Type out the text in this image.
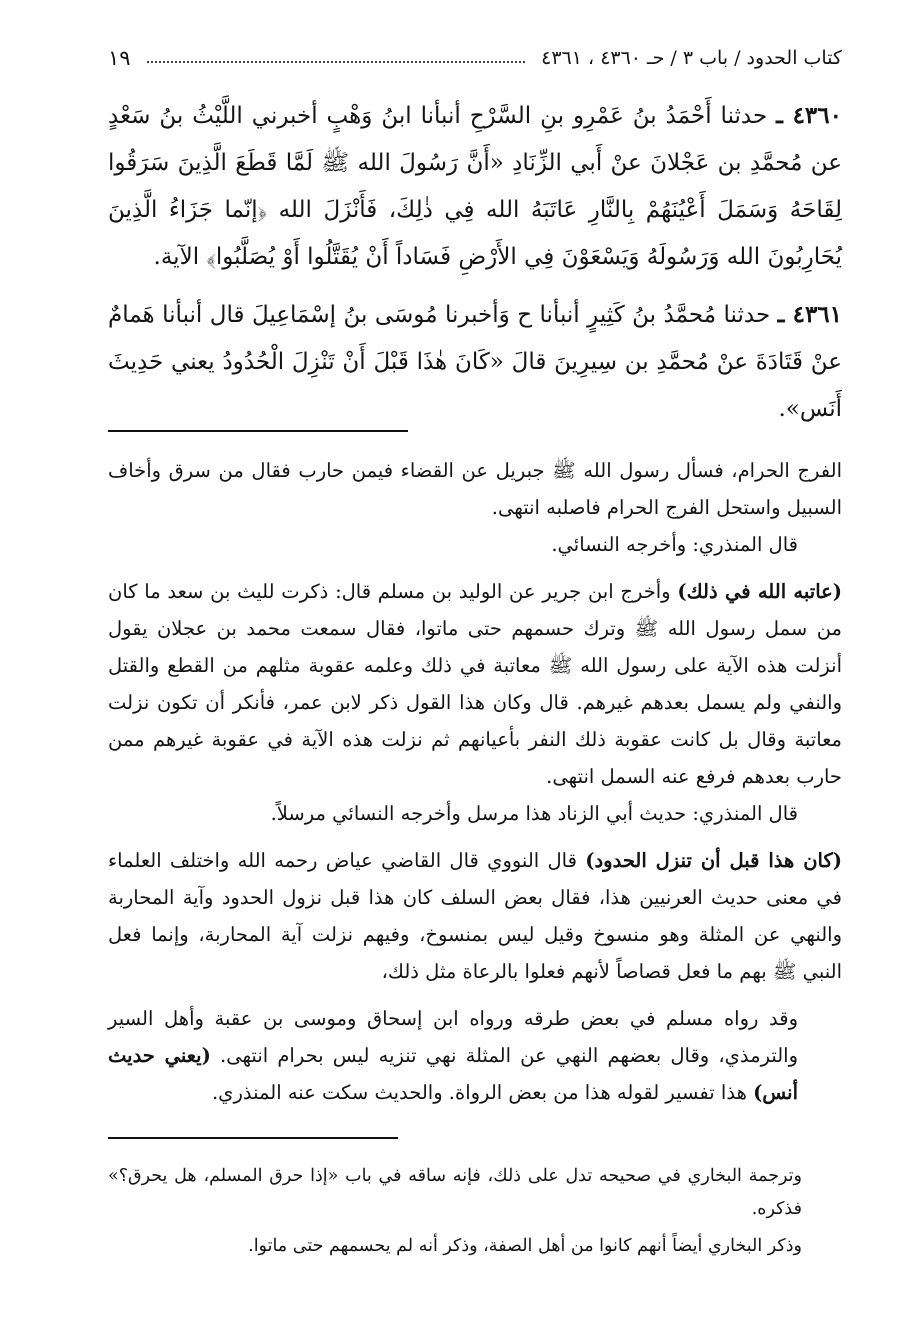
كتاب الحدود / باب ٣ / حـ ٤٣٦٠ ، ٤٣٦١
١٩

٤٣٦٠ ـ حدثنا أَحْمَدُ بنُ عَمْرِو بنِ السَّرْحِ أنبأنا ابنُ وَهْبٍ أخبرني اللَّيْثُ بنُ سَعْدٍ عن مُحمَّدِ بن عَجْلانَ عنْ أَبي الزِّنَادِ «أَنَّ رَسُولَ الله ﷺ لَمَّا قَطَعَ الَّذِينَ سَرَقُوا لِقَاحَهُ وَسَمَلَ أَعْيُنَهُمْ بِالنَّارِ عَاتَبَهُ الله فِي ذٰلِكَ، فَأَنْزَلَ الله ﴿إنّما جَزَاءُ الَّذِينَ يُحَارِبُونَ الله وَرَسُولَهُ وَيَسْعَوْنَ فِي الأَرْضِ فَسَاداً أَنْ يُقَتَّلُوا أَوْ يُصَلَّبُوا﴾ الآية.

٤٣٦١ ـ حدثنا مُحمَّدُ بنُ كَثِيرٍ أنبأنا ح وَأخبرنا مُوسَى بنُ إسْمَاعِيلَ قال أنبأنا هَمامٌ عنْ قَتَادَةَ عنْ مُحمَّدِ بن سِيرِينَ قالَ «كَانَ هٰذَا قَبْلَ أَنْ تَنْزِلَ الْحُدُودُ يعني حَدِيثَ أَنَس».

الفرج الحرام، فسأل رسول الله ﷺ جبريل عن القضاء فيمن حارب فقال من سرق وأخاف السبيل واستحل الفرج الحرام فاصلبه انتهى.

قال المنذري: وأخرجه النسائي.

(عاتبه الله في ذلك) وأخرج ابن جرير عن الوليد بن مسلم قال: ذكرت لليث بن سعد ما كان من سمل رسول الله ﷺ وترك حسمهم حتى ماتوا، فقال سمعت محمد بن عجلان يقول أنزلت هذه الآية على رسول الله ﷺ معاتبة في ذلك وعلمه عقوبة مثلهم من القطع والقتل والنفي ولم يسمل بعدهم غيرهم. قال وكان هذا القول ذكر لابن عمر، فأنكر أن تكون نزلت معاتبة وقال بل كانت عقوبة ذلك النفر بأعيانهم ثم نزلت هذه الآية في عقوبة غيرهم ممن حارب بعدهم فرفع عنه السمل انتهى.

قال المنذري: حديث أبي الزناد هذا مرسل وأخرجه النسائي مرسلاً.

(كان هذا قبل أن تنزل الحدود) قال النووي قال القاضي عياض رحمه الله واختلف العلماء في معنى حديث العرنيين هذا، فقال بعض السلف كان هذا قبل نزول الحدود وآية المحاربة والنهي عن المثلة وهو منسوخ وقيل ليس بمنسوخ، وفيهم نزلت آية المحاربة، وإنما فعل النبي ﷺ بهم ما فعل قصاصاً لأنهم فعلوا بالرعاة مثل ذلك،

وقد رواه مسلم في بعض طرقه ورواه ابن إسحاق وموسى بن عقبة وأهل السير والترمذي، وقال بعضهم النهي عن المثلة نهي تنزيه ليس بحرام انتهى. (يعني حديث أنس) هذا تفسير لقوله هذا من بعض الرواة. والحديث سكت عنه المنذري.

وترجمة البخاري في صحيحه تدل على ذلك، فإنه ساقه في باب «إذا حرق المسلم، هل يحرق؟» فذكره.

وذكر البخاري أيضاً أنهم كانوا من أهل الصفة، وذكر أنه لم يحسمهم حتى ماتوا.
